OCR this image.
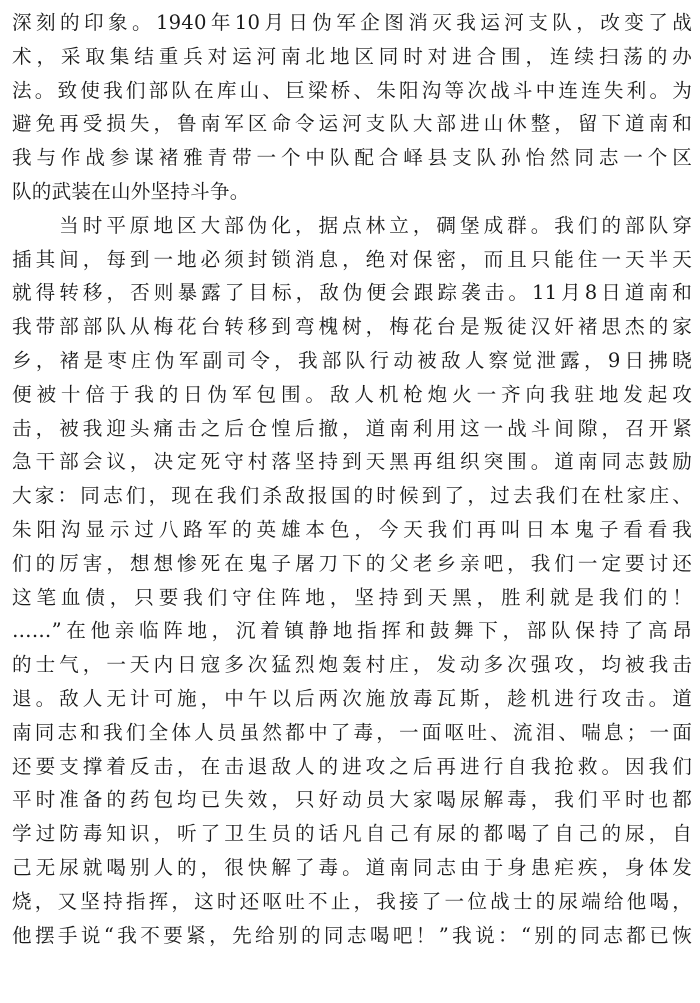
深刻的印象。1940年10月日伪军企图消灭我运河支队，改变了战
术，采取集结重兵对运河南北地区同时对进合围，连续扫荡的办
法。致使我们部队在库山、巨梁桥、朱阳沟等次战斗中连连失利。为
避免再受损失，鲁南军区命令运河支队大部进山休整，留下道南和
我与作战参谋褚雅青带一个中队配合峄县支队孙怡然同志一个区
队的武装在山外坚持斗争。
　　当时平原地区大部伪化，据点林立，碉堡成群。我们的部队穿
插其间，每到一地必须封锁消息，绝对保密，而且只能住一天半天
就得转移，否则暴露了目标，敌伪便会跟踪袭击。11月8日道南和
我带部部队从梅花台转移到弯槐树，梅花台是叛徒汉奸褚思杰的家
乡，褚是枣庄伪军副司令，我部队行动被敌人察觉泄露，9日拂晓
便被十倍于我的日伪军包围。敌人机枪炮火一齐向我驻地发起攻
击，被我迎头痛击之后仓惶后撤，道南利用这一战斗间隙，召开紧
急干部会议，决定死守村落坚持到天黑再组织突围。道南同志鼓励
大家：同志们，现在我们杀敌报国的时候到了，过去我们在杜家庄、
朱阳沟显示过八路军的英雄本色，今天我们再叫日本鬼子看看我
们的厉害，想想惨死在鬼子屠刀下的父老乡亲吧，我们一定要讨还
这笔血债，只要我们守住阵地，坚持到天黑，胜利就是我们的！
……”在他亲临阵地，沉着镇静地指挥和鼓舞下，部队保持了高昂
的士气，一天内日寇多次猛烈炮轰村庄，发动多次强攻，均被我击
退。敌人无计可施，中午以后两次施放毒瓦斯，趁机进行攻击。道
南同志和我们全体人员虽然都中了毒，一面呕吐、流泪、喘息；一面
还要支撑着反击，在击退敌人的进攻之后再进行自我抢救。因我们
平时准备的药包均已失效，只好动员大家喝尿解毒，我们平时也都
学过防毒知识，听了卫生员的话凡自己有尿的都喝了自己的尿，自
己无尿就喝别人的，很快解了毒。道南同志由于身患疟疾，身体发
烧，又坚持指挥，这时还呕吐不止，我接了一位战士的尿端给他喝，
他摆手说“我不要紧，先给别的同志喝吧！”我说：“别的同志都已恢
